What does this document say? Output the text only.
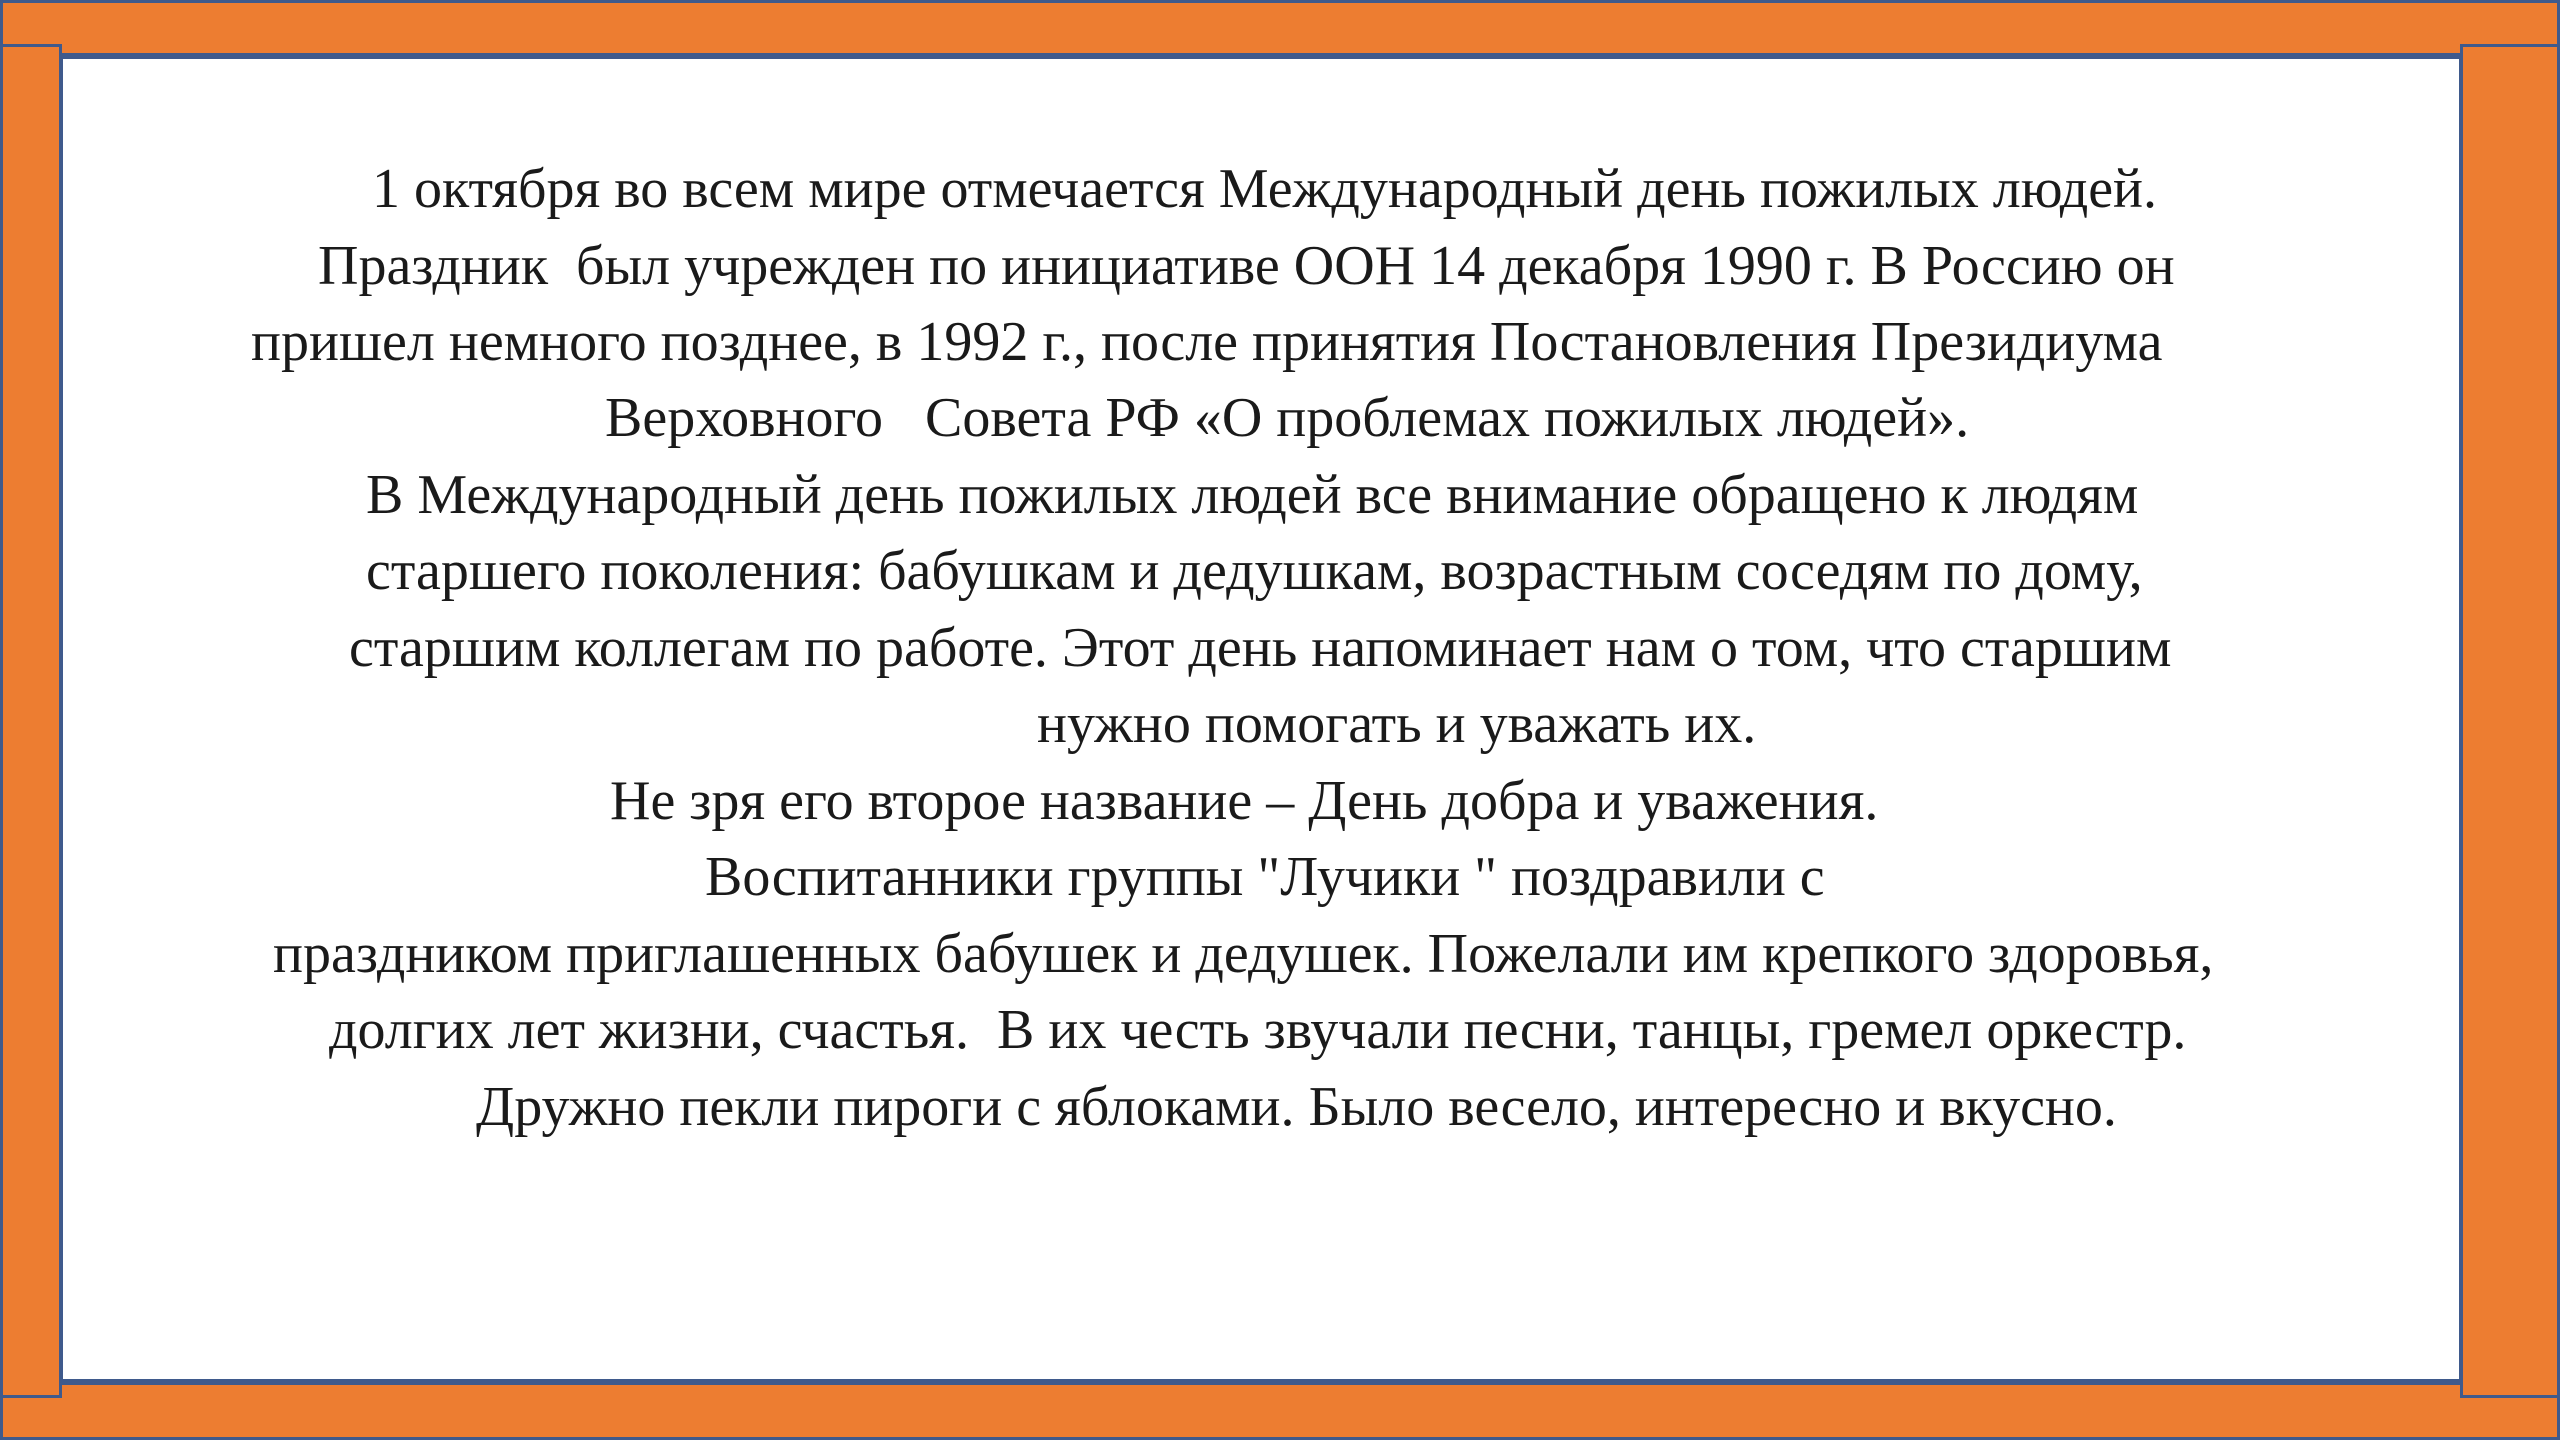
1 октября во всем мире отмечается Международный день пожилых людей.
Праздник  был учрежден по инициативе ООН 14 декабря 1990 г. В Россию он
пришел немного позднее, в 1992 г., после принятия Постановления Президиума
Верховного   Совета РФ «О проблемах пожилых людей».
В Международный день пожилых людей все внимание обращено к людям
старшего поколения: бабушкам и дедушкам, возрастным соседям по дому,
старшим коллегам по работе. Этот день напоминает нам о том, что старшим
нужно помогать и уважать их.
Не зря его второе название – День добра и уважения.
Воспитанники группы "Лучики " поздравили с
праздником приглашенных бабушек и дедушек. Пожелали им крепкого здоровья,
долгих лет жизни, счастья.  В их честь звучали песни, танцы, гремел оркестр.
Дружно пекли пироги с яблоками. Было весело, интересно и вкусно.
